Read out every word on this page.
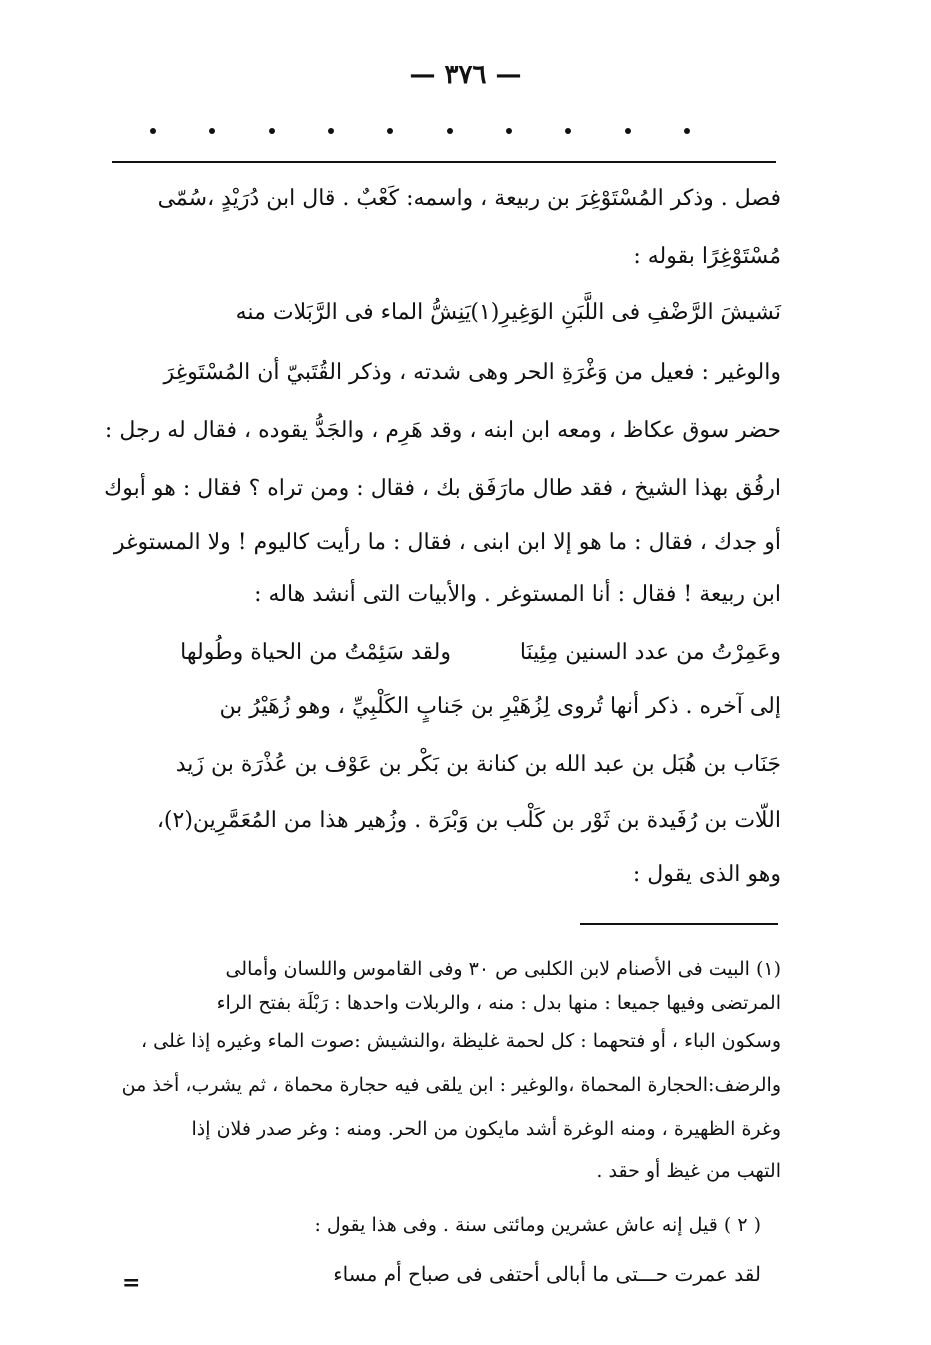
— ٣٧٦ —
فصل . وذكر المُسْتَوْغِرَ بن ربيعة ، واسمه: كَعْبٌ . قال ابن دُرَيْدٍ ،سُمّى
مُسْتَوْغِرًا بقوله :
والوغير : فعيل من وَغْرَةِ الحر وهى شدته ، وذكر القُتَبيّ أن المُسْتَوغِرَ
حضر سوق عكاظ ، ومعه ابن ابنه ، وقد هَرِم ، والجَدُّ يقوده ، فقال له رجل :
ارفُق بهذا الشيخ ، فقد طال مارَفَق بك ، فقال : ومن تراه ؟ فقال : هو أبوك
أو جدك ، فقال : ما هو إلا ابن ابنى ، فقال : ما رأيت كاليوم ! ولا المستوغر
ابن ربيعة ! فقال : أنا المستوغر . والأبيات التى أنشد هاله :
إلى آخره . ذكر أنها تُروى لِزُهَيْرِ بن جَنابٍ الكَلْبِيِّ ، وهو زُهَيْرُ بن
جَنَاب بن هُبَل بن عبد الله بن كنانة بن بَكْر بن عَوْف بن عُذْرَة بن زَيد
اللّات بن رُفَيدة بن ثَوْر بن كَلْب بن وَبْرَة . وزُهير هذا من المُعَمَّرِين(٢)،
وهو الذى يقول :
يَنِشُّ الماء فى الرَّبَلات منه نَشيشَ الرَّضْفِ فى اللَّبَنِ الوَغِيرِ(١)
ولقد سَئِمْتُ من الحياة وطُولها	وعَمِرْتُ من عدد السنين مِئِينَا
(١) البيت فى الأصنام لابن الكلبى ص ٣٠ وفى القاموس واللسان وأمالى
المرتضى وفيها جميعا : منها بدل : منه ، والربلات واحدها : رَبْلَة بفتح الراء
وسكون الباء ، أو فتحهما : كل لحمة غليظة ،والنشيش :صوت الماء وغيره إذا غلى ،
والرضف:الحجارة المحماة ،والوغير : ابن يلقى فيه حجارة محماة ، ثم يشرب، أخذ من
وغرة الظهيرة ، ومنه الوغرة أشد مايكون من الحر. ومنه : وغر صدر فلان إذا
التهب من غيظ أو حقد .
( ٢ ) قيل إنه عاش عشرين ومائتى سنة . وفى هذا يقول :
لقد عمرت حـــتى ما أبالى أحتفى فى صباح أم مساء
=
